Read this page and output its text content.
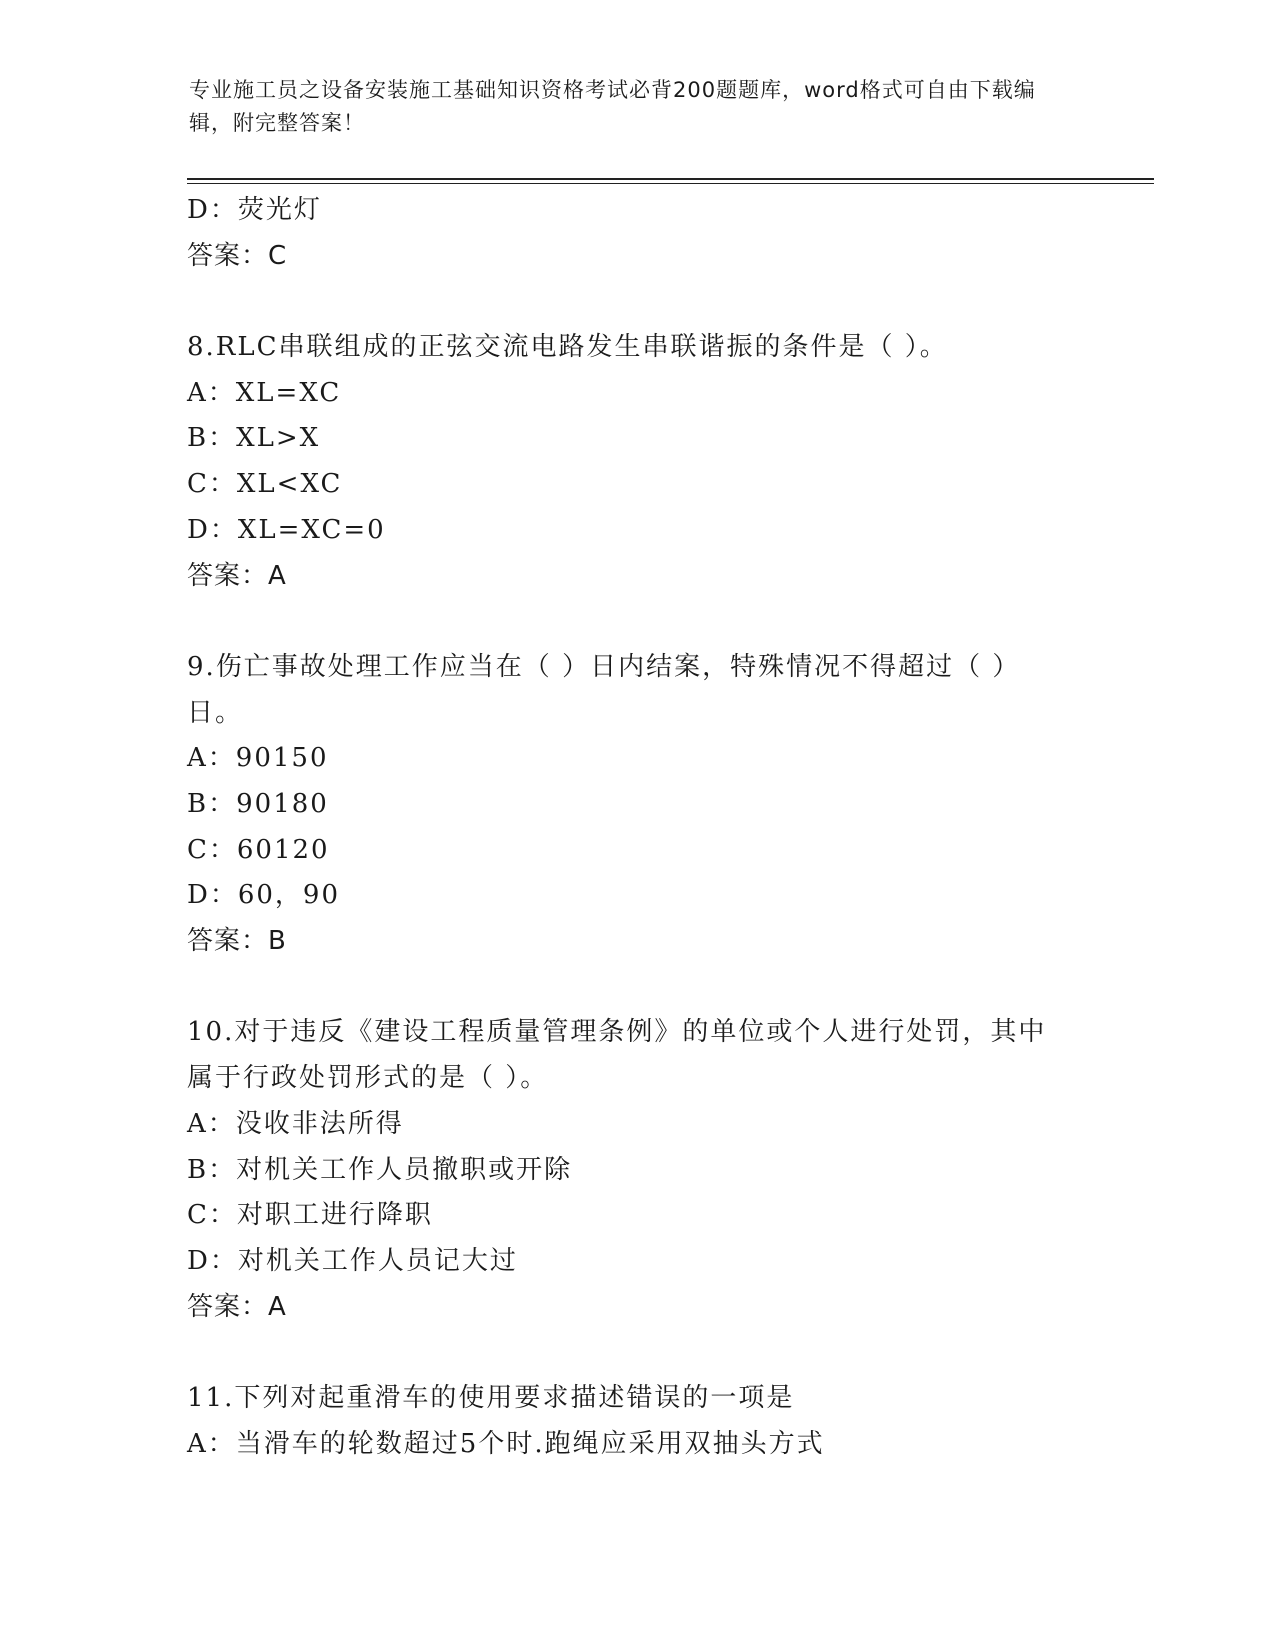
专业施工员之设备安装施工基础知识资格考试必背200题题库，word格式可自由下载编辑，附完整答案！
D：荧光灯
答案：C
8.RLC串联组成的正弦交流电路发生串联谐振的条件是（ ）。
A：XL=XC
B：XL>X
C：XL<XC
D：XL=XC=0
答案：A
9.伤亡事故处理工作应当在（ ）日内结案，特殊情况不得超过（ ）日。
A：90150
B：90180
C：60120
D：60，90
答案：B
10.对于违反《建设工程质量管理条例》的单位或个人进行处罚，其中属于行政处罚形式的是（ ）。
A：没收非法所得
B：对机关工作人员撤职或开除
C：对职工进行降职
D：对机关工作人员记大过
答案：A
11.下列对起重滑车的使用要求描述错误的一项是
A：当滑车的轮数超过5个时.跑绳应采用双抽头方式
